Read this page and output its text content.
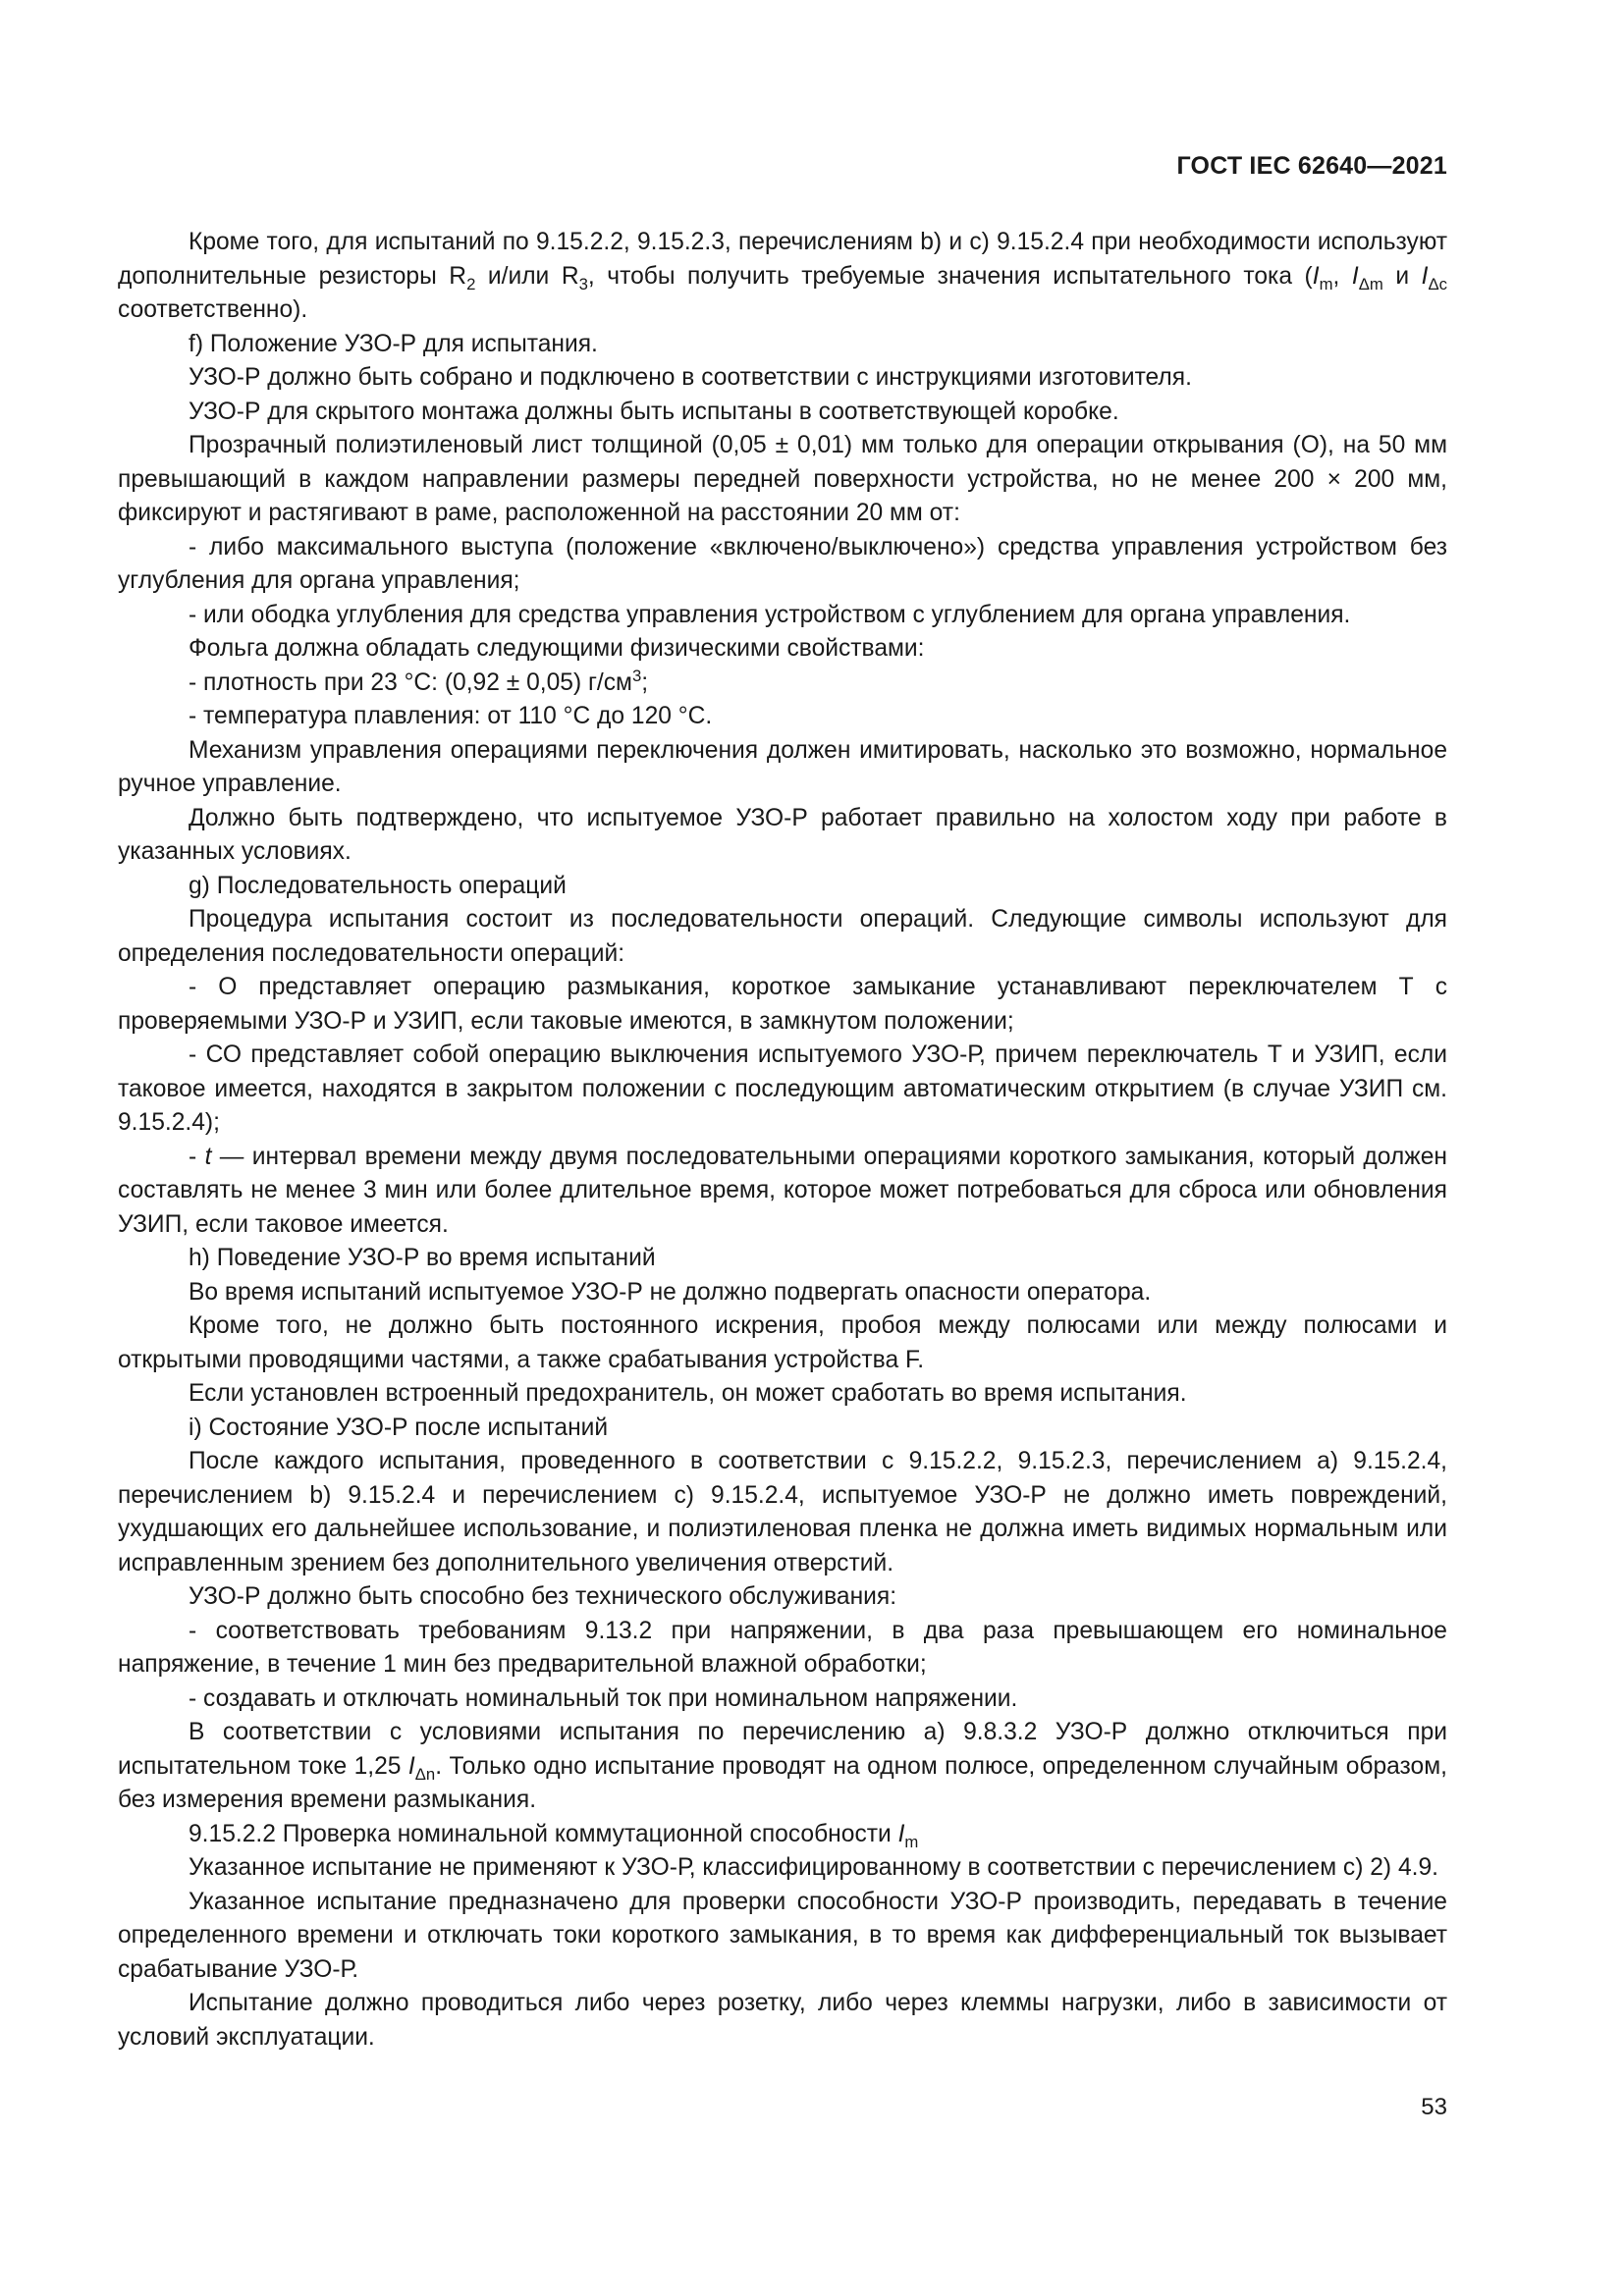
ГОСТ IEC 62640—2021

Кроме того, для испытаний по 9.15.2.2, 9.15.2.3, перечислениям b) и c) 9.15.2.4 при необходимости используют дополнительные резисторы $R_2$ и/или $R_3$, чтобы получить требуемые значения испытательного тока ($I_m$, $I_{\Delta m}$ и $I_{\Delta c}$ соответственно).

f) Положение УЗО-Р для испытания.

УЗО-Р должно быть собрано и подключено в соответствии с инструкциями изготовителя.

УЗО-Р для скрытого монтажа должны быть испытаны в соответствующей коробке.

Прозрачный полиэтиленовый лист толщиной (0,05 ± 0,01) мм только для операции открывания (О), на 50 мм превышающий в каждом направлении размеры передней поверхности устройства, но не менее 200 × 200 мм, фиксируют и растягивают в раме, расположенной на расстоянии 20 мм от:

- либо максимального выступа (положение «включено/выключено») средства управления устройством без углубления для органа управления;

- или ободка углубления для средства управления устройством с углублением для органа управления.

Фольга должна обладать следующими физическими свойствами:

- плотность при 23 °С: (0,92 ± 0,05) $г/см^3$;

- температура плавления: от 110 °С до 120 °С.

Механизм управления операциями переключения должен имитировать, насколько это возможно, нормальное ручное управление.

Должно быть подтверждено, что испытуемое УЗО-Р работает правильно на холостом ходу при работе в указанных условиях.

g) Последовательность операций

Процедура испытания состоит из последовательности операций. Следующие символы используют для определения последовательности операций:

- О представляет операцию размыкания, короткое замыкание устанавливают переключателем Т с проверяемыми УЗО-Р и УЗИП, если таковые имеются, в замкнутом положении;

- СО представляет собой операцию выключения испытуемого УЗО-Р, причем переключатель Т и УЗИП, если таковое имеется, находятся в закрытом положении с последующим автоматическим открытием (в случае УЗИП см. 9.15.2.4);

- t — интервал времени между двумя последовательными операциями короткого замыкания, который должен составлять не менее 3 мин или более длительное время, которое может потребоваться для сброса или обновления УЗИП, если таковое имеется.

h) Поведение УЗО-Р во время испытаний

Во время испытаний испытуемое УЗО-Р не должно подвергать опасности оператора.

Кроме того, не должно быть постоянного искрения, пробоя между полюсами или между полюсами и открытыми проводящими частями, а также срабатывания устройства F.

Если установлен встроенный предохранитель, он может сработать во время испытания.

i) Состояние УЗО-Р после испытаний

После каждого испытания, проведенного в соответствии с 9.15.2.2, 9.15.2.3, перечислением a) 9.15.2.4, перечислением b) 9.15.2.4 и перечислением c) 9.15.2.4, испытуемое УЗО-Р не должно иметь повреждений, ухудшающих его дальнейшее использование, и полиэтиленовая пленка не должна иметь видимых нормальным или исправленным зрением без дополнительного увеличения отверстий.

УЗО-Р должно быть способно без технического обслуживания:

- соответствовать требованиям 9.13.2 при напряжении, в два раза превышающем его номинальное напряжение, в течение 1 мин без предварительной влажной обработки;

- создавать и отключать номинальный ток при номинальном напряжении.

В соответствии с условиями испытания по перечислению a) 9.8.3.2 УЗО-Р должно отключиться при испытательном токе 1,25 $I_{\Delta n}$. Только одно испытание проводят на одном полюсе, определенном случайным образом, без измерения времени размыкания.

9.15.2.2 Проверка номинальной коммутационной способности $I_m$

Указанное испытание не применяют к УЗО-Р, классифицированному в соответствии с перечислением c) 2) 4.9.

Указанное испытание предназначено для проверки способности УЗО-Р производить, передавать в течение определенного времени и отключать токи короткого замыкания, в то время как дифференциальный ток вызывает срабатывание УЗО-Р.

Испытание должно проводиться либо через розетку, либо через клеммы нагрузки, либо в зависимости от условий эксплуатации.

53
